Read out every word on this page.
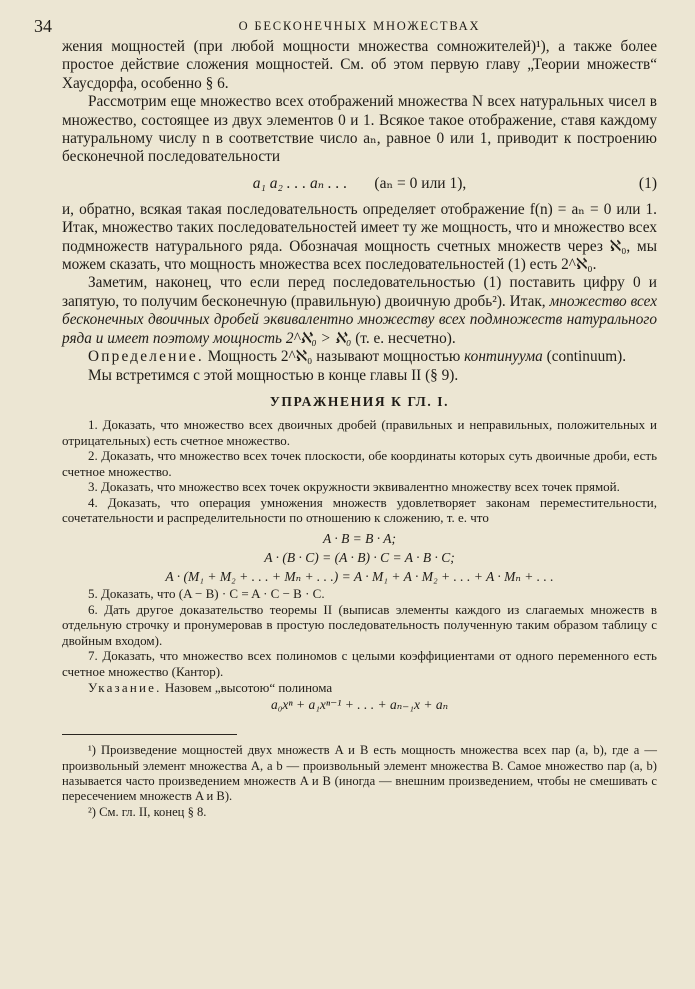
34	О БЕСКОНЕЧНЫХ МНОЖЕСТВАХ

жения мощностей (при любой мощности множества сомножителей)¹), а также более простое действие сложения мощностей. См. об этом первую главу „Теории множеств“ Хаусдорфа, особенно § 6.

Рассмотрим еще множество всех отображений множества N всех натуральных чисел в множество, состоящее из двух элементов 0 и 1. Всякое такое отображение, ставя каждому натуральному числу n в соответствие число aₙ, равное 0 или 1, приводит к построению бесконечной последовательности

a₁ a₂ . . . aₙ . . . (aₙ = 0 или 1),	(1)

и, обратно, всякая такая последовательность определяет отображение f(n) = aₙ = 0 или 1. Итак, множество таких последовательностей имеет ту же мощность, что и множество всех подмножеств натурального ряда. Обозначая мощность счетных множеств через ℵ₀, мы можем сказать, что мощность множества всех последовательностей (1) есть 2^ℵ₀.

Заметим, наконец, что если перед последовательностью (1) поставить цифру 0 и запятую, то получим бесконечную (правильную) двоичную дробь²). Итак, множество всех бесконечных двоичных дробей эквивалентно множеству всех подмножеств натурального ряда и имеет поэтому мощность 2^ℵ₀ > ℵ₀ (т. е. несчетно).

Определение. Мощность 2^ℵ₀ называют мощностью континуума (continuum).

Мы встретимся с этой мощностью в конце главы II (§ 9).

УПРАЖНЕНИЯ К ГЛ. I.

1. Доказать, что множество всех двоичных дробей (правильных и неправильных, положительных и отрицательных) есть счетное множество.

2. Доказать, что множество всех точек плоскости, обе координаты которых суть двоичные дроби, есть счетное множество.

3. Доказать, что множество всех точек окружности эквивалентно множеству всех точек прямой.

4. Доказать, что операция умножения множеств удовлетворяет законам переместительности, сочетательности и распределительности по отношению к сложению, т. е. что

A · B = B · A;
A · (B · C) = (A · B) · C = A · B · C;
A · (M₁ + M₂ + . . . + Mₙ + . . .) = A · M₁ + A · M₂ + . . . + A · Mₙ + . . .

5. Доказать, что (A − B) · C = A · C − B · C.

6. Дать другое доказательство теоремы II (выписав элементы каждого из слагаемых множеств в отдельную строчку и пронумеровав в простую последовательность полученную таким образом таблицу с двойным входом).

7. Доказать, что множество всех полиномов с целыми коэффициентами от одного переменного есть счетное множество (Кантор).

Указание. Назовем „высотою“ полинома

a₀xⁿ + a₁xⁿ⁻¹ + . . . + aₙ₋₁x + aₙ

¹) Произведение мощностей двух множеств A и B есть мощность множества всех пар (a, b), где a — произвольный элемент множества A, а b — произвольный элемент множества B. Самое множество пар (a, b) называется часто произведением множеств A и B (иногда — внешним произведением, чтобы не смешивать с пересечением множеств A и B).

²) См. гл. II, конец § 8.
